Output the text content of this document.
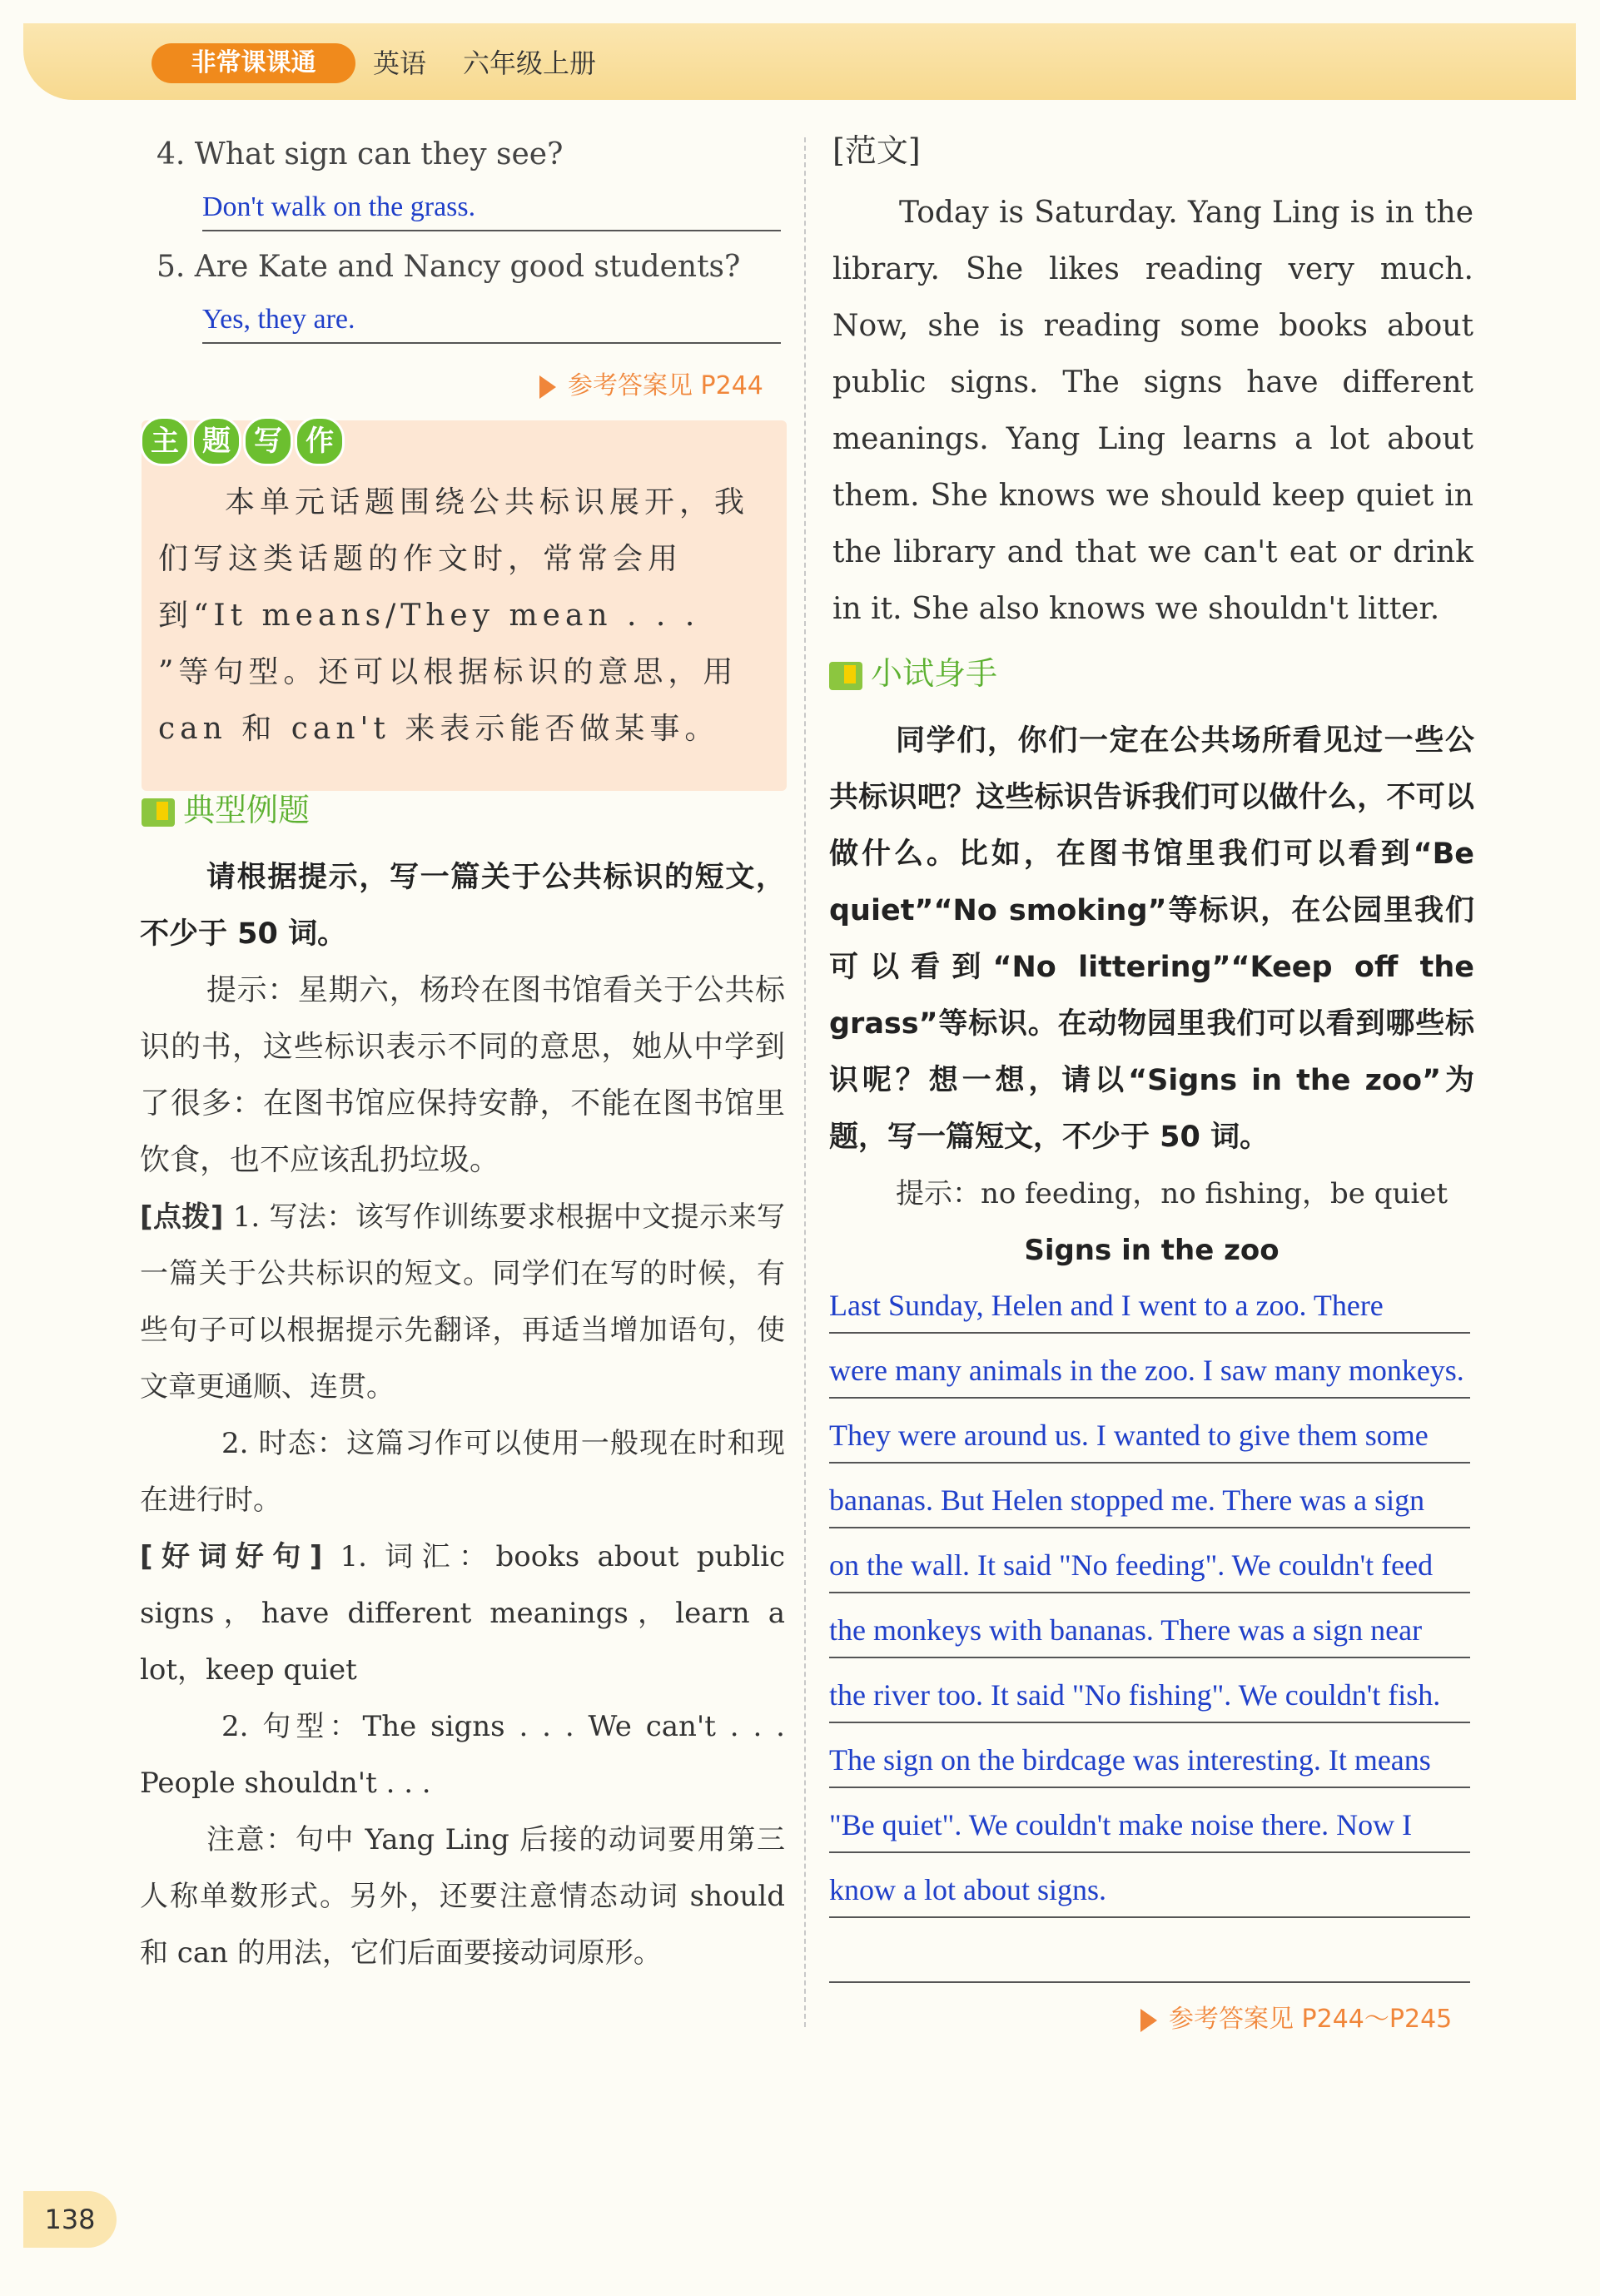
非常课课通	英语 六年级上册
4. What sign can they see?
Don't walk on the grass.
5. Are Kate and Nancy good students?
Yes, they are.
参考答案见 P244
主 题 写 作
本单元话题围绕公共标识展开，我们写这类话题的作文时，常常会用到“It means/They mean . . . ”等句型。还可以根据标识的意思，用 can 和 can't 来表示能否做某事。
典型例题
请根据提示，写一篇关于公共标识的短文，不少于 50 词。
提示：星期六，杨玲在图书馆看关于公共标识的书，这些标识表示不同的意思，她从中学到了很多：在图书馆应保持安静，不能在图书馆里饮食，也不应该乱扔垃圾。
[点拨] 1. 写法：该写作训练要求根据中文提示来写一篇关于公共标识的短文。同学们在写的时候，有些句子可以根据提示先翻译，再适当增加语句，使文章更通顺、连贯。
2. 时态：这篇习作可以使用一般现在时和现在进行时。
[好词好句] 1. 词汇：books about public signs，have different meanings，learn a lot，keep quiet
2. 句型：The signs . . . We can't . . . People shouldn't . . .
注意：句中 Yang Ling 后接的动词要用第三人称单数形式。另外，还要注意情态动词 should 和 can 的用法，它们后面要接动词原形。
[范文]
Today is Saturday. Yang Ling is in the library. She likes reading very much. Now, she is reading some books about public signs. The signs have different meanings. Yang Ling learns a lot about them. She knows we should keep quiet in the library and that we can't eat or drink in it. She also knows we shouldn't litter.
小试身手
同学们，你们一定在公共场所看见过一些公共标识吧？这些标识告诉我们可以做什么，不可以做什么。比如，在图书馆里我们可以看到“Be quiet”“No smoking”等标识，在公园里我们可以看到“No littering”“Keep off the grass”等标识。在动物园里我们可以看到哪些标识呢？想一想，请以“Signs in the zoo”为题，写一篇短文，不少于 50 词。
提示：no feeding，no fishing，be quiet
Signs in the zoo
Last Sunday, Helen and I went to a zoo. There
were many animals in the zoo. I saw many monkeys.
They were around us. I wanted to give them some
bananas. But Helen stopped me. There was a sign
on the wall. It said "No feeding". We couldn't feed
the monkeys with bananas. There was a sign near
the river too. It said "No fishing". We couldn't fish.
The sign on the birdcage was interesting. It means
"Be quiet". We couldn't make noise there. Now I
know a lot about signs.
参考答案见 P244～P245
138
